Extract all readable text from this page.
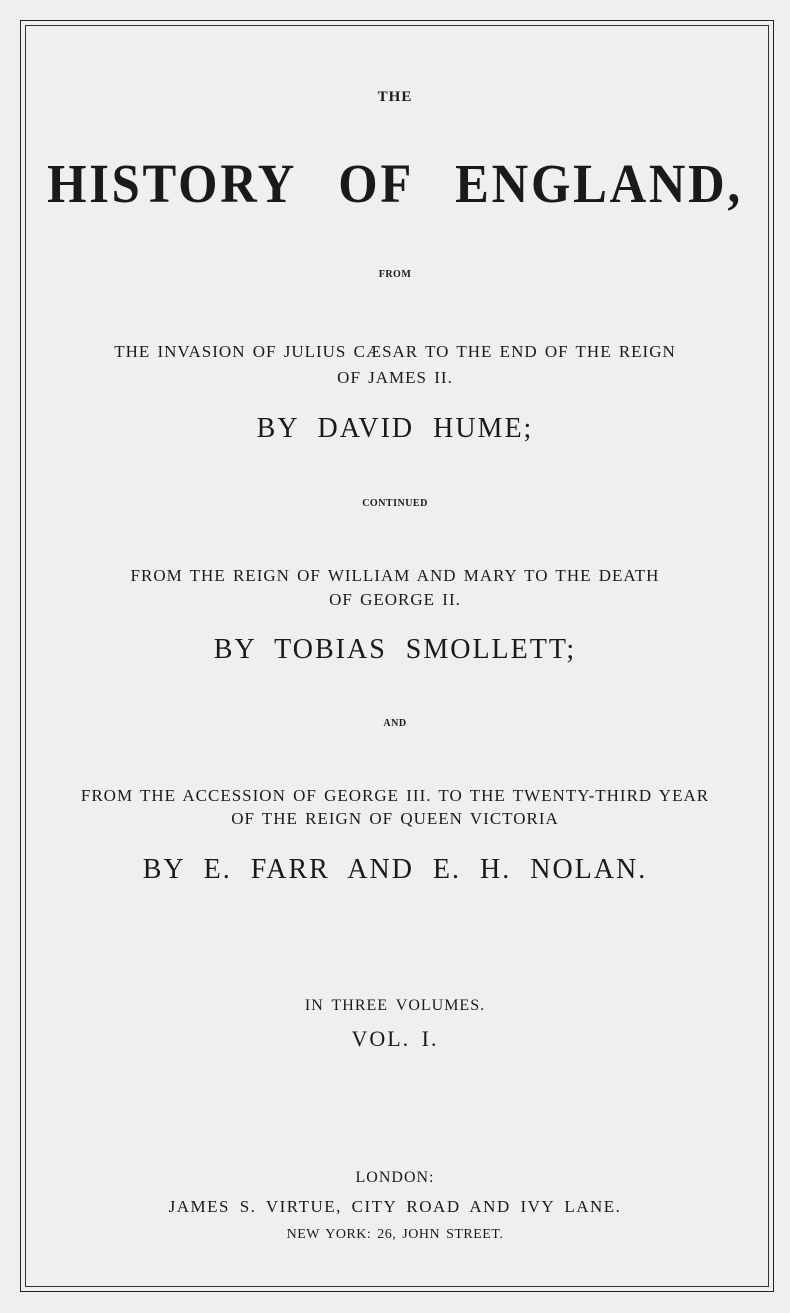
THE
HISTORY OF ENGLAND,
FROM
THE INVASION OF JULIUS CÆSAR TO THE END OF THE REIGN
OF JAMES II.
BY DAVID HUME;
CONTINUED
FROM THE REIGN OF WILLIAM AND MARY TO THE DEATH
OF GEORGE II.
BY TOBIAS SMOLLETT;
AND
FROM THE ACCESSION OF GEORGE III. TO THE TWENTY-THIRD YEAR
OF THE REIGN OF QUEEN VICTORIA
BY E. FARR AND E. H. NOLAN.
IN THREE VOLUMES.
VOL. I.
LONDON:
JAMES S. VIRTUE, CITY ROAD AND IVY LANE.
NEW YORK: 26, JOHN STREET.
